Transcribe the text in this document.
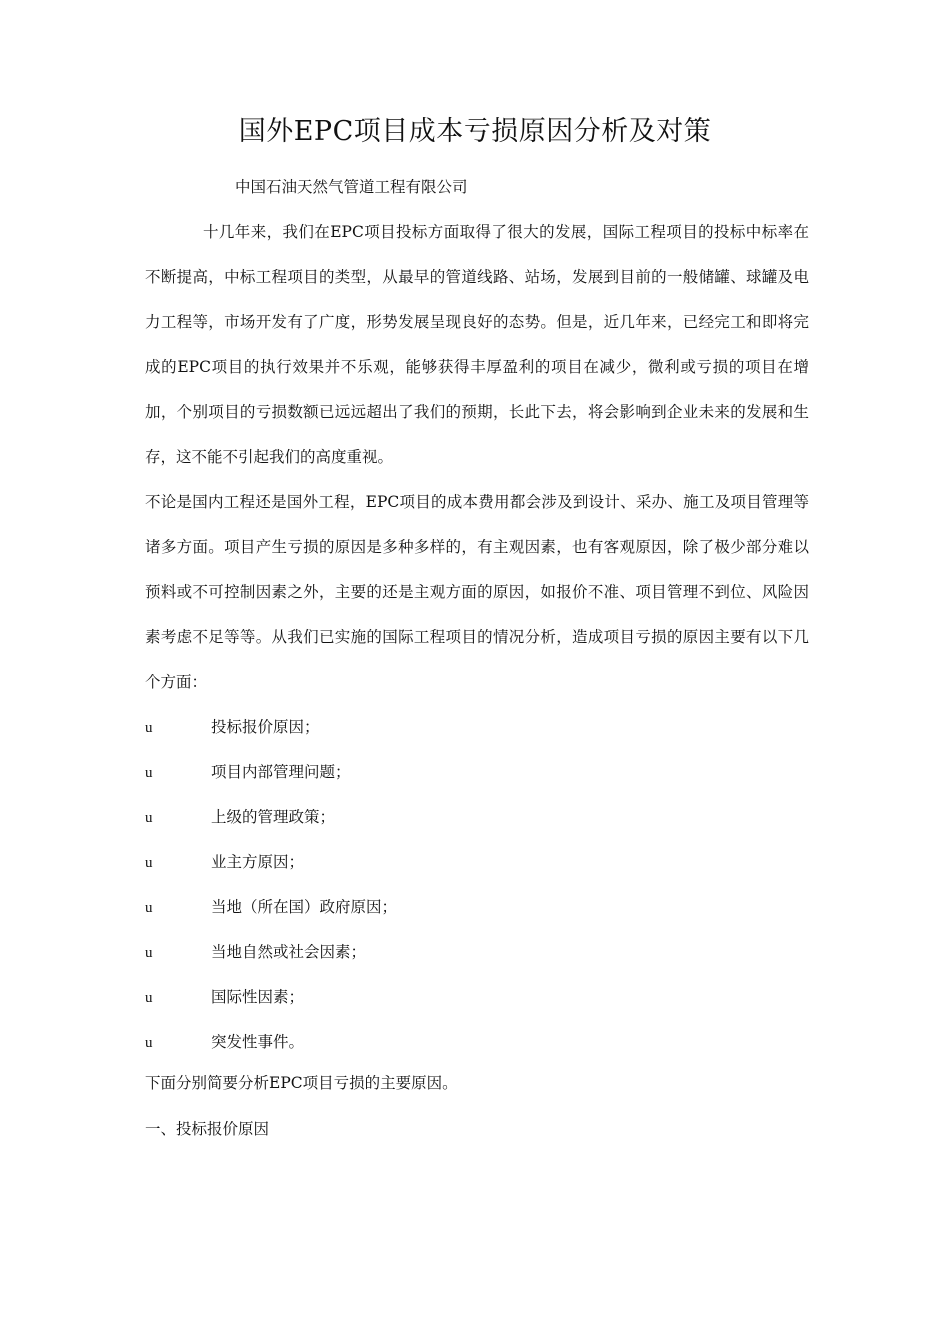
国外EPC项目成本亏损原因分析及对策

中国石油天然气管道工程有限公司

十几年来，我们在EPC项目投标方面取得了很大的发展，国际工程项目的投标中标率在不断提高，中标工程项目的类型，从最早的管道线路、站场，发展到目前的一般储罐、球罐及电力工程等，市场开发有了广度，形势发展呈现良好的态势。但是，近几年来，已经完工和即将完成的EPC项目的执行效果并不乐观，能够获得丰厚盈利的项目在减少，微利或亏损的项目在增加，个别项目的亏损数额已远远超出了我们的预期，长此下去，将会影响到企业未来的发展和生存，这不能不引起我们的高度重视。

不论是国内工程还是国外工程，EPC项目的成本费用都会涉及到设计、采办、施工及项目管理等诸多方面。项目产生亏损的原因是多种多样的，有主观因素，也有客观原因，除了极少部分难以预料或不可控制因素之外，主要的还是主观方面的原因，如报价不准、项目管理不到位、风险因素考虑不足等等。从我们已实施的国际工程项目的情况分析，造成项目亏损的原因主要有以下几个方面：

u	投标报价原因；
u	项目内部管理问题；
u	上级的管理政策；
u	业主方原因；
u	当地（所在国）政府原因；
u	当地自然或社会因素；
u	国际性因素；
u	突发性事件。

下面分别简要分析EPC项目亏损的主要原因。

一、投标报价原因
